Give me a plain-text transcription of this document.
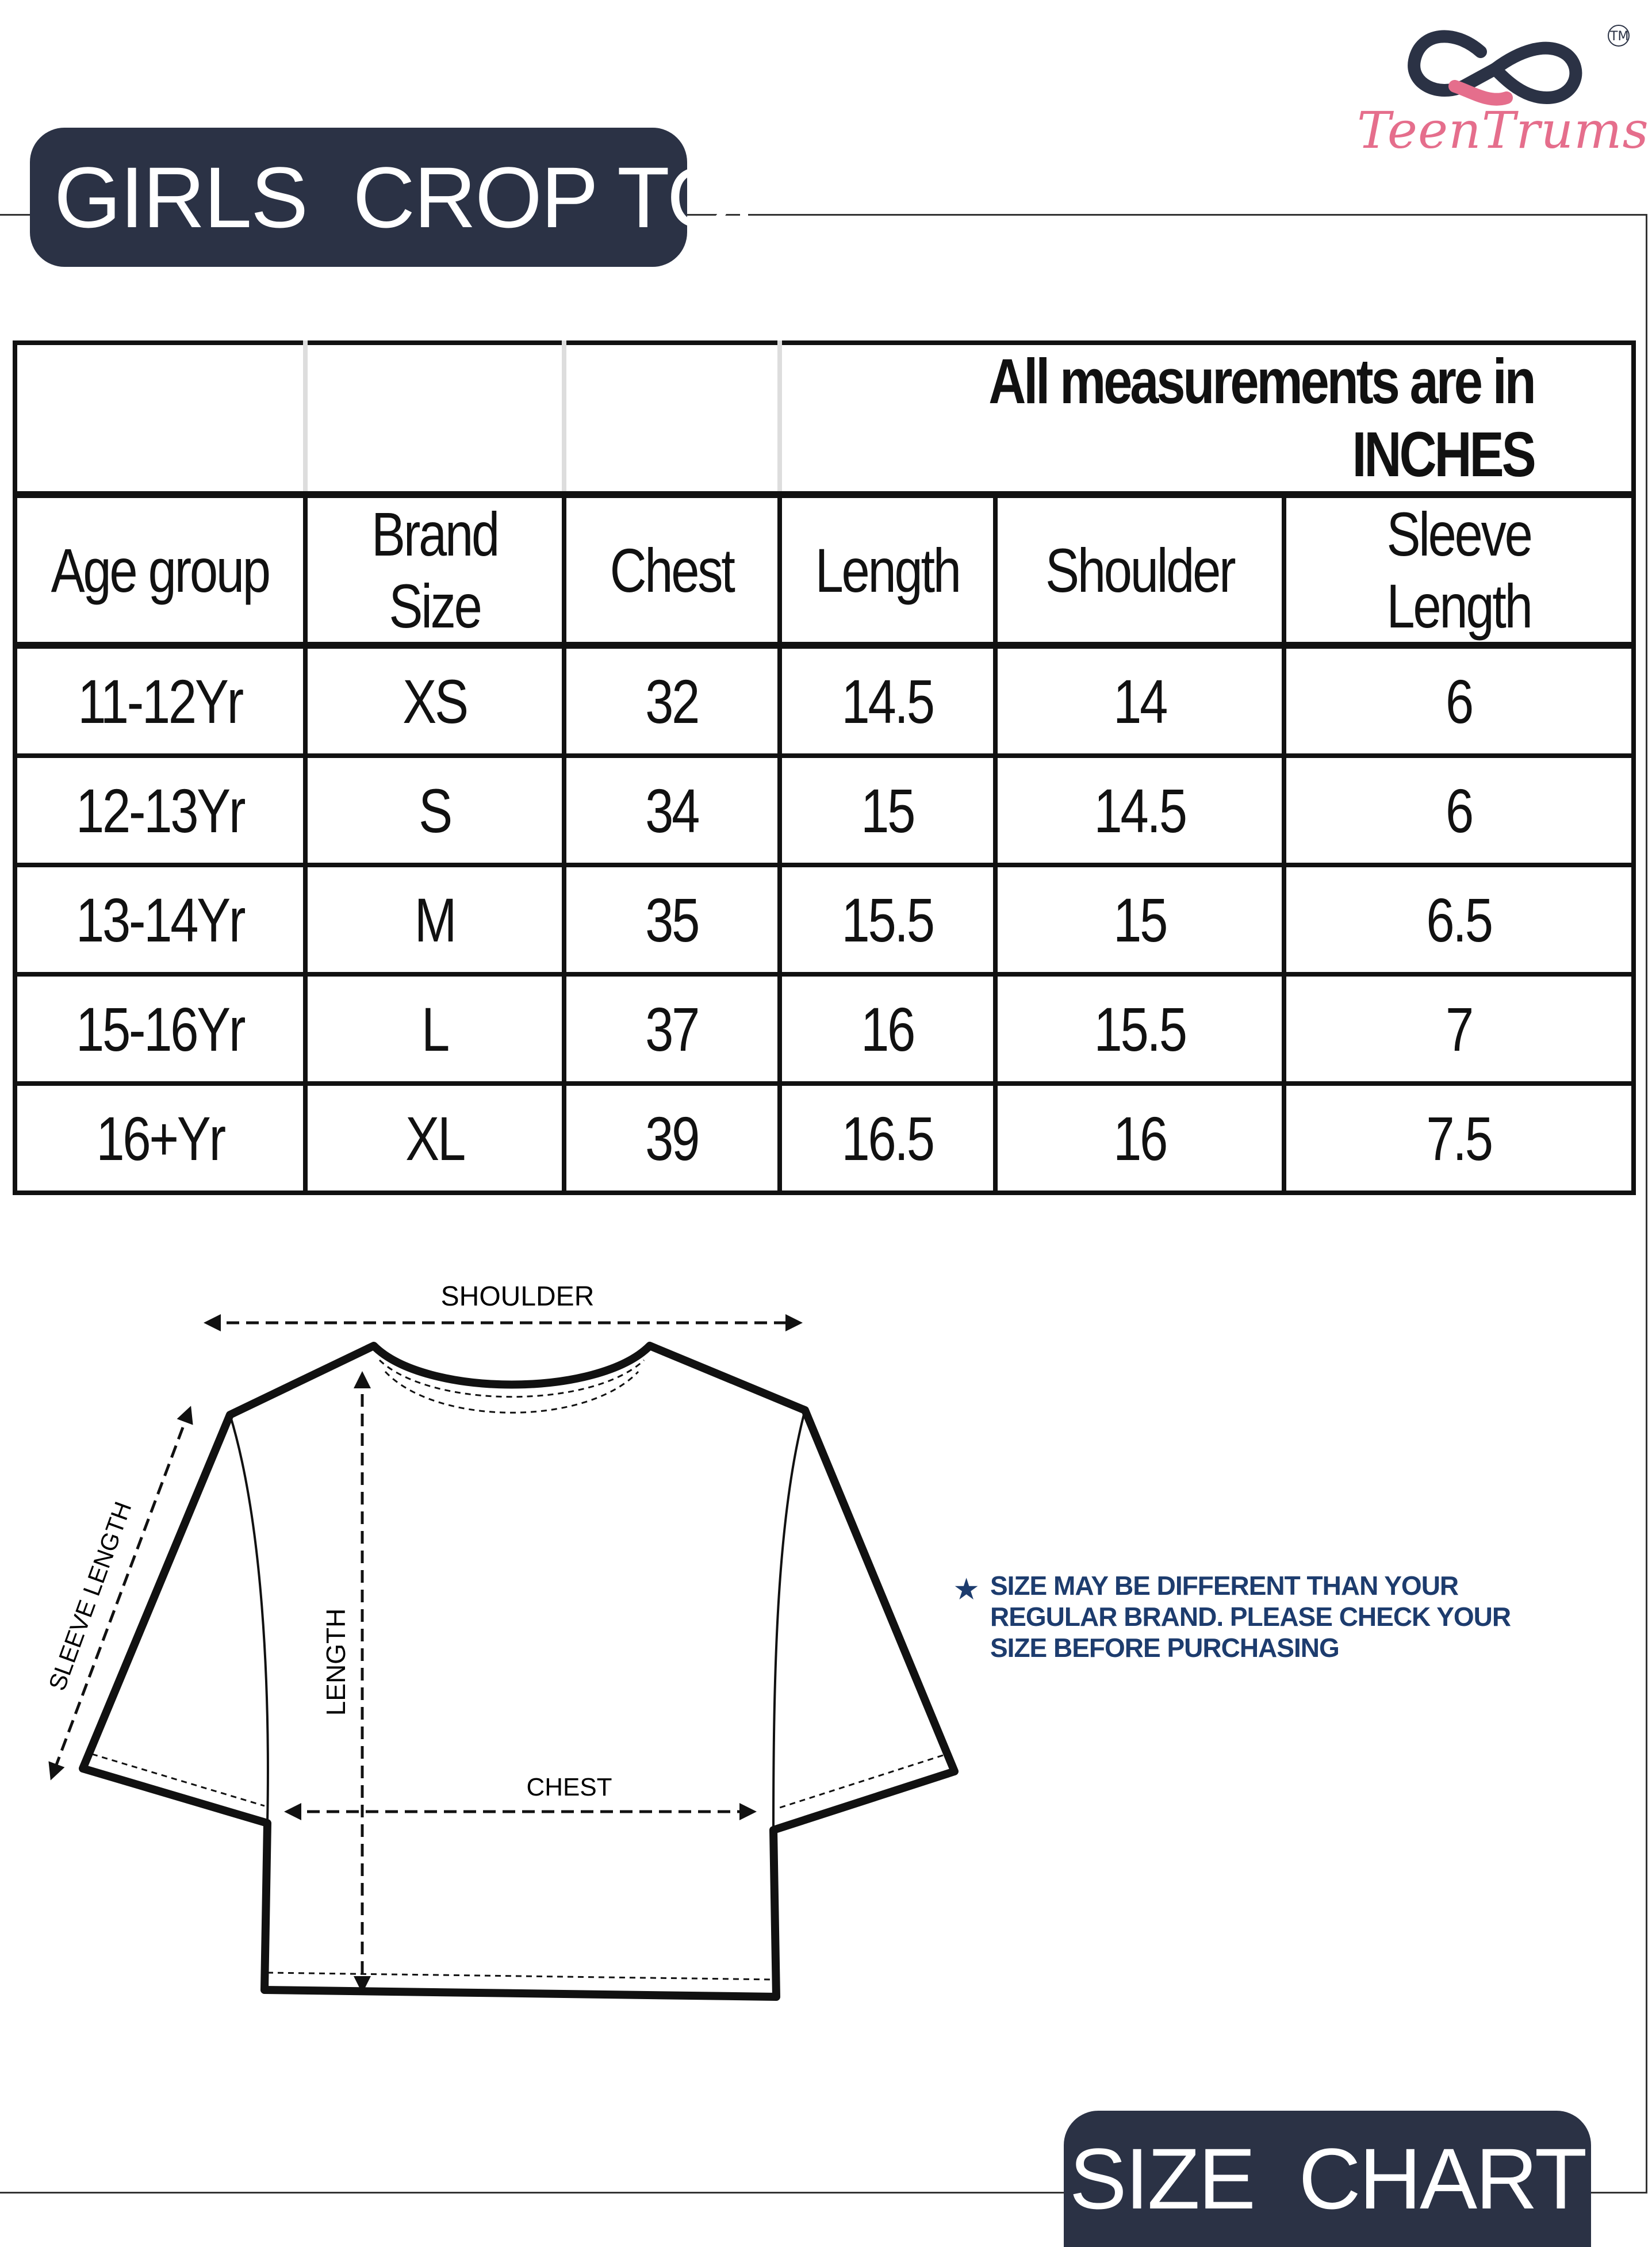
TM
TeenTrums
GIRLS  CROP TOP
			All measurements are in INCHES		
Age group	Brand Size	Chest	Length	Shoulder	Sleeve Length
11-12Yr	XS	32	14.5	14	6
12-13Yr	S	34	15	14.5	6
13-14Yr	M	35	15.5	15	6.5
15-16Yr	L	37	16	15.5	7
16+Yr	XL	39	16.5	16	7.5
SHOULDER
LENGTH
SLEEVE LENGTH
CHEST
★ SIZE MAY BE DIFFERENT THAN YOUR
REGULAR BRAND. PLEASE CHECK YOUR
SIZE BEFORE PURCHASING
SIZE  CHART
